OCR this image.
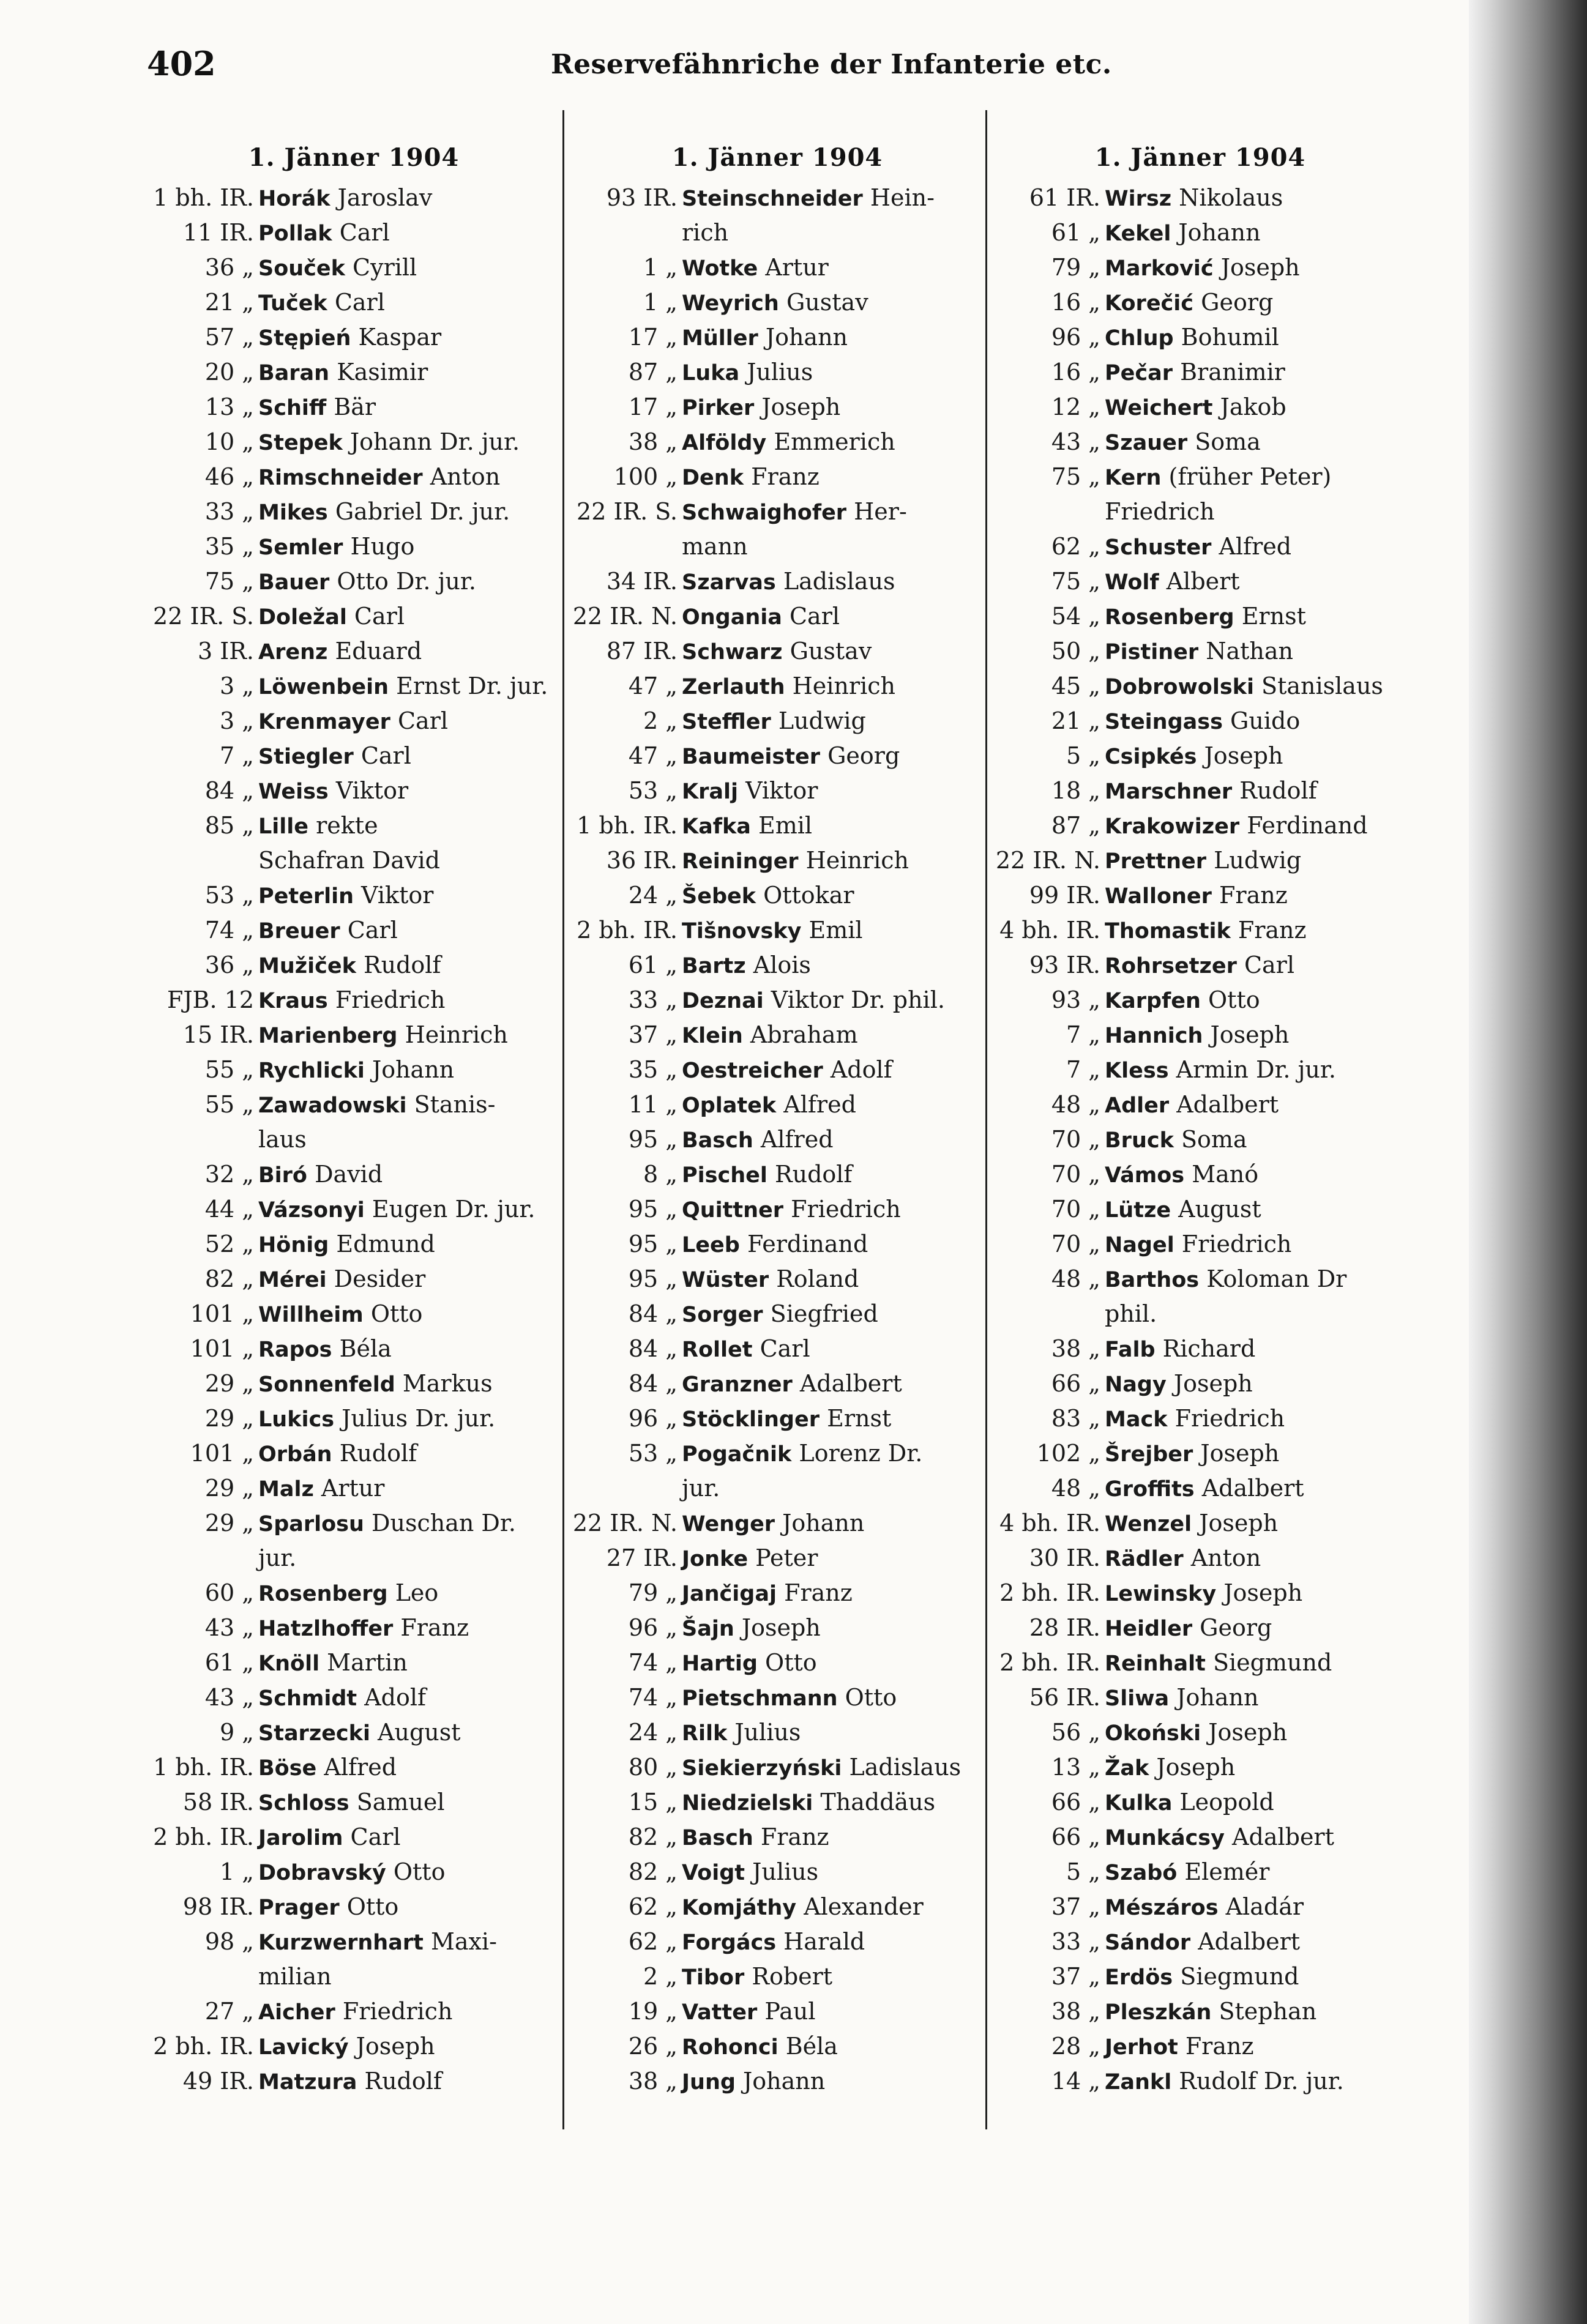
402	Reservefähnriche der Infanterie etc.
1. Jänner 1904
1 bh. IR. Horák Jaroslav
11 IR. Pollak Carl
36 „ Souček Cyrill
21 „ Tuček Carl
57 „ Stępień Kaspar
20 „ Baran Kasimir
13 „ Schiff Bär
10 „ Stepek Johann Dr. jur.
46 „ Rimschneider Anton
33 „ Mikes Gabriel Dr. jur.
35 „ Semler Hugo
75 „ Bauer Otto Dr. jur.
22 IR. S. Doležal Carl
3 IR. Arenz Eduard
3 „ Löwenbein Ernst Dr. jur.
3 „ Krenmayer Carl
7 „ Stiegler Carl
84 „ Weiss Viktor
85 „ Lille rekte
Schafran David
53 „ Peterlin Viktor
74 „ Breuer Carl
36 „ Mužiček Rudolf
FJB. 12 Kraus Friedrich
15 IR. Marienberg Heinrich
55 „ Rychlicki Johann
55 „ Zawadowski Stanis-
laus
32 „ Biró David
44 „ Vázsonyi Eugen Dr. jur.
52 „ Hönig Edmund
82 „ Mérei Desider
101 „ Willheim Otto
101 „ Rapos Béla
29 „ Sonnenfeld Markus
29 „ Lukics Julius Dr. jur.
101 „ Orbán Rudolf
29 „ Malz Artur
29 „ Sparlosu Duschan Dr.
jur.
60 „ Rosenberg Leo
43 „ Hatzlhoffer Franz
61 „ Knöll Martin
43 „ Schmidt Adolf
9 „ Starzecki August
1 bh. IR. Böse Alfred
58 IR. Schloss Samuel
2 bh. IR. Jarolim Carl
1 „ Dobravský Otto
98 IR. Prager Otto
98 „ Kurzwernhart Maxi-
milian
27 „ Aicher Friedrich
2 bh. IR. Lavický Joseph
49 IR. Matzura Rudolf
1. Jänner 1904
93 IR. Steinschneider Hein-
rich
1 „ Wotke Artur
1 „ Weyrich Gustav
17 „ Müller Johann
87 „ Luka Julius
17 „ Pirker Joseph
38 „ Alföldy Emmerich
100 „ Denk Franz
22 IR. S. Schwaighofer Her-
mann
34 IR. Szarvas Ladislaus
22 IR. N. Ongania Carl
87 IR. Schwarz Gustav
47 „ Zerlauth Heinrich
2 „ Steffler Ludwig
47 „ Baumeister Georg
53 „ Kralj Viktor
1 bh. IR. Kafka Emil
36 IR. Reininger Heinrich
24 „ Šebek Ottokar
2 bh. IR. Tišnovsky Emil
61 „ Bartz Alois
33 „ Deznai Viktor Dr. phil.
37 „ Klein Abraham
35 „ Oestreicher Adolf
11 „ Oplatek Alfred
95 „ Basch Alfred
8 „ Pischel Rudolf
95 „ Quittner Friedrich
95 „ Leeb Ferdinand
95 „ Wüster Roland
84 „ Sorger Siegfried
84 „ Rollet Carl
84 „ Granzner Adalbert
96 „ Stöcklinger Ernst
53 „ Pogačnik Lorenz Dr.
jur.
22 IR. N. Wenger Johann
27 IR. Jonke Peter
79 „ Jančigaj Franz
96 „ Šajn Joseph
74 „ Hartig Otto
74 „ Pietschmann Otto
24 „ Rilk Julius
80 „ Siekierzyński Ladislaus
15 „ Niedzielski Thaddäus
82 „ Basch Franz
82 „ Voigt Julius
62 „ Komjáthy Alexander
62 „ Forgács Harald
2 „ Tibor Robert
19 „ Vatter Paul
26 „ Rohonci Béla
38 „ Jung Johann
1. Jänner 1904
61 IR. Wirsz Nikolaus
61 „ Kekel Johann
79 „ Marković Joseph
16 „ Korečić Georg
96 „ Chlup Bohumil
16 „ Pečar Branimir
12 „ Weichert Jakob
43 „ Szauer Soma
75 „ Kern (früher Peter)
Friedrich
62 „ Schuster Alfred
75 „ Wolf Albert
54 „ Rosenberg Ernst
50 „ Pistiner Nathan
45 „ Dobrowolski Stanislaus
21 „ Steingass Guido
5 „ Csipkés Joseph
18 „ Marschner Rudolf
87 „ Krakowizer Ferdinand
22 IR. N. Prettner Ludwig
99 IR. Walloner Franz
4 bh. IR. Thomastik Franz
93 IR. Rohrsetzer Carl
93 „ Karpfen Otto
7 „ Hannich Joseph
7 „ Kless Armin Dr. jur.
48 „ Adler Adalbert
70 „ Bruck Soma
70 „ Vámos Manó
70 „ Lütze August
70 „ Nagel Friedrich
48 „ Barthos Koloman Dr
phil.
38 „ Falb Richard
66 „ Nagy Joseph
83 „ Mack Friedrich
102 „ Šrejber Joseph
48 „ Groffits Adalbert
4 bh. IR. Wenzel Joseph
30 IR. Rädler Anton
2 bh. IR. Lewinsky Joseph
28 IR. Heidler Georg
2 bh. IR. Reinhalt Siegmund
56 IR. Sliwa Johann
56 „ Okoński Joseph
13 „ Žak Joseph
66 „ Kulka Leopold
66 „ Munkácsy Adalbert
5 „ Szabó Elemér
37 „ Mészáros Aladár
33 „ Sándor Adalbert
37 „ Erdös Siegmund
38 „ Pleszkán Stephan
28 „ Jerhot Franz
14 „ Zankl Rudolf Dr. jur.
